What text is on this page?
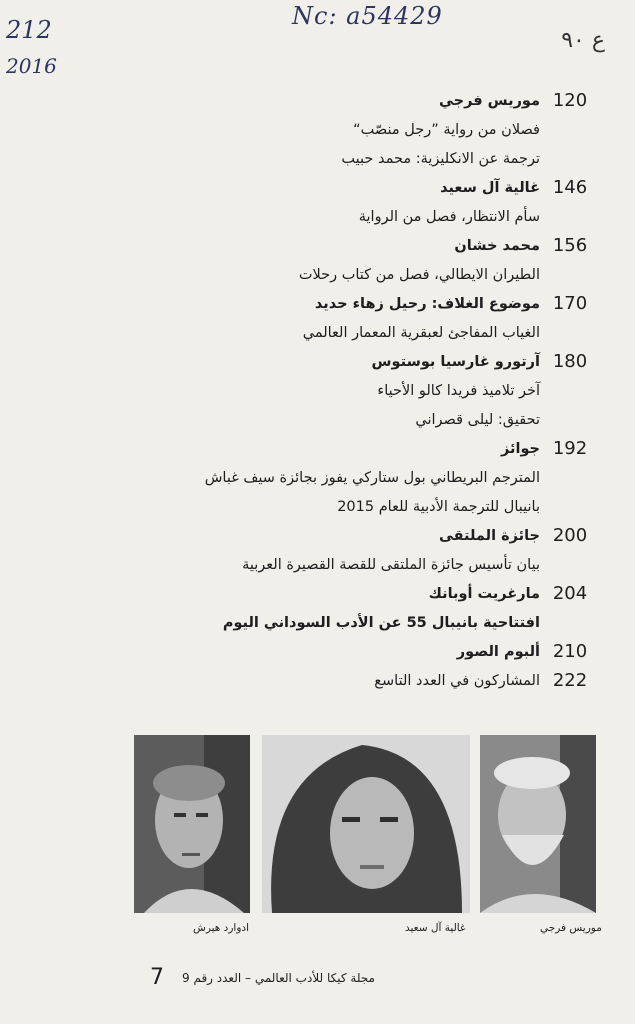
212
2016
Nc: a54429
ع ٩٠
120
موريس فرجي
فصلان من رواية ”رجل منصّب“
ترجمة عن الانكليزية: محمد حبيب
146
غالية آل سعيد
سأم الانتظار، فصل من الرواية
156
محمد خشان
الطيران الايطالي، فصل من كتاب رحلات
170
موضوع الغلاف: رحيل زهاء حديد
الغياب المفاجئ لعبقرية المعمار العالمي
180
آرتورو غارسيا بوستوس
آخر تلاميذ فريدا كالو الأحياء
تحقيق: ليلى قصراني
192
جوائز
المترجم البريطاني بول ستاركي يفوز بجائزة سيف غباش
بانيبال للترجمة الأدبية للعام 2015
200
جائزة الملتقى
بيان تأسيس جائزة الملتقى للقصة القصيرة العربية
204
مارغريت أوبانك
افتتاحية بانيبال 55 عن الأدب السوداني اليوم
210
ألبوم الصور
222
المشاركون في العدد التاسع
ادوارد هيرش	غالية آل سعيد	موريس فرجي
مجلة كيكا للأدب العالمي – العدد رقم 9
7
